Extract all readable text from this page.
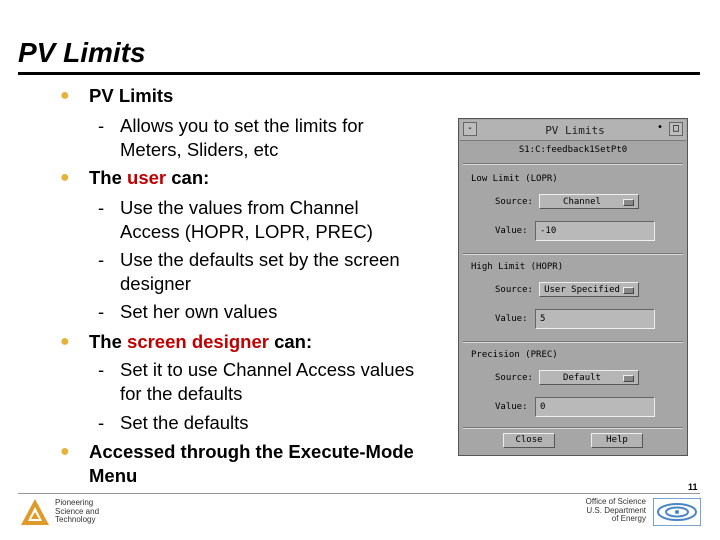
PV Limits
● PV Limits
- Allows you to set the limits for
Meters, Sliders, etc
● The user can:
- Use the values from Channel
Access (HOPR, LOPR, PREC)
- Use the defaults set by the screen
designer
- Set her own values
● The screen designer can:
- Set it to use Channel Access values
for the defaults
- Set the defaults
● Accessed through the Execute-Mode
Menu
-	PV Limits	• □
S1:C:feedback1SetPt0
Low Limit (LOPR)
Source:	Channel
Value: -10
High Limit (HOPR)
Source: User Specified
Value: 5
Precision (PREC)
Source:	Default
Value: 0
Close	Help
11
Pioneering
Science and
Technology
Office of Science
U.S. Department
of Energy
